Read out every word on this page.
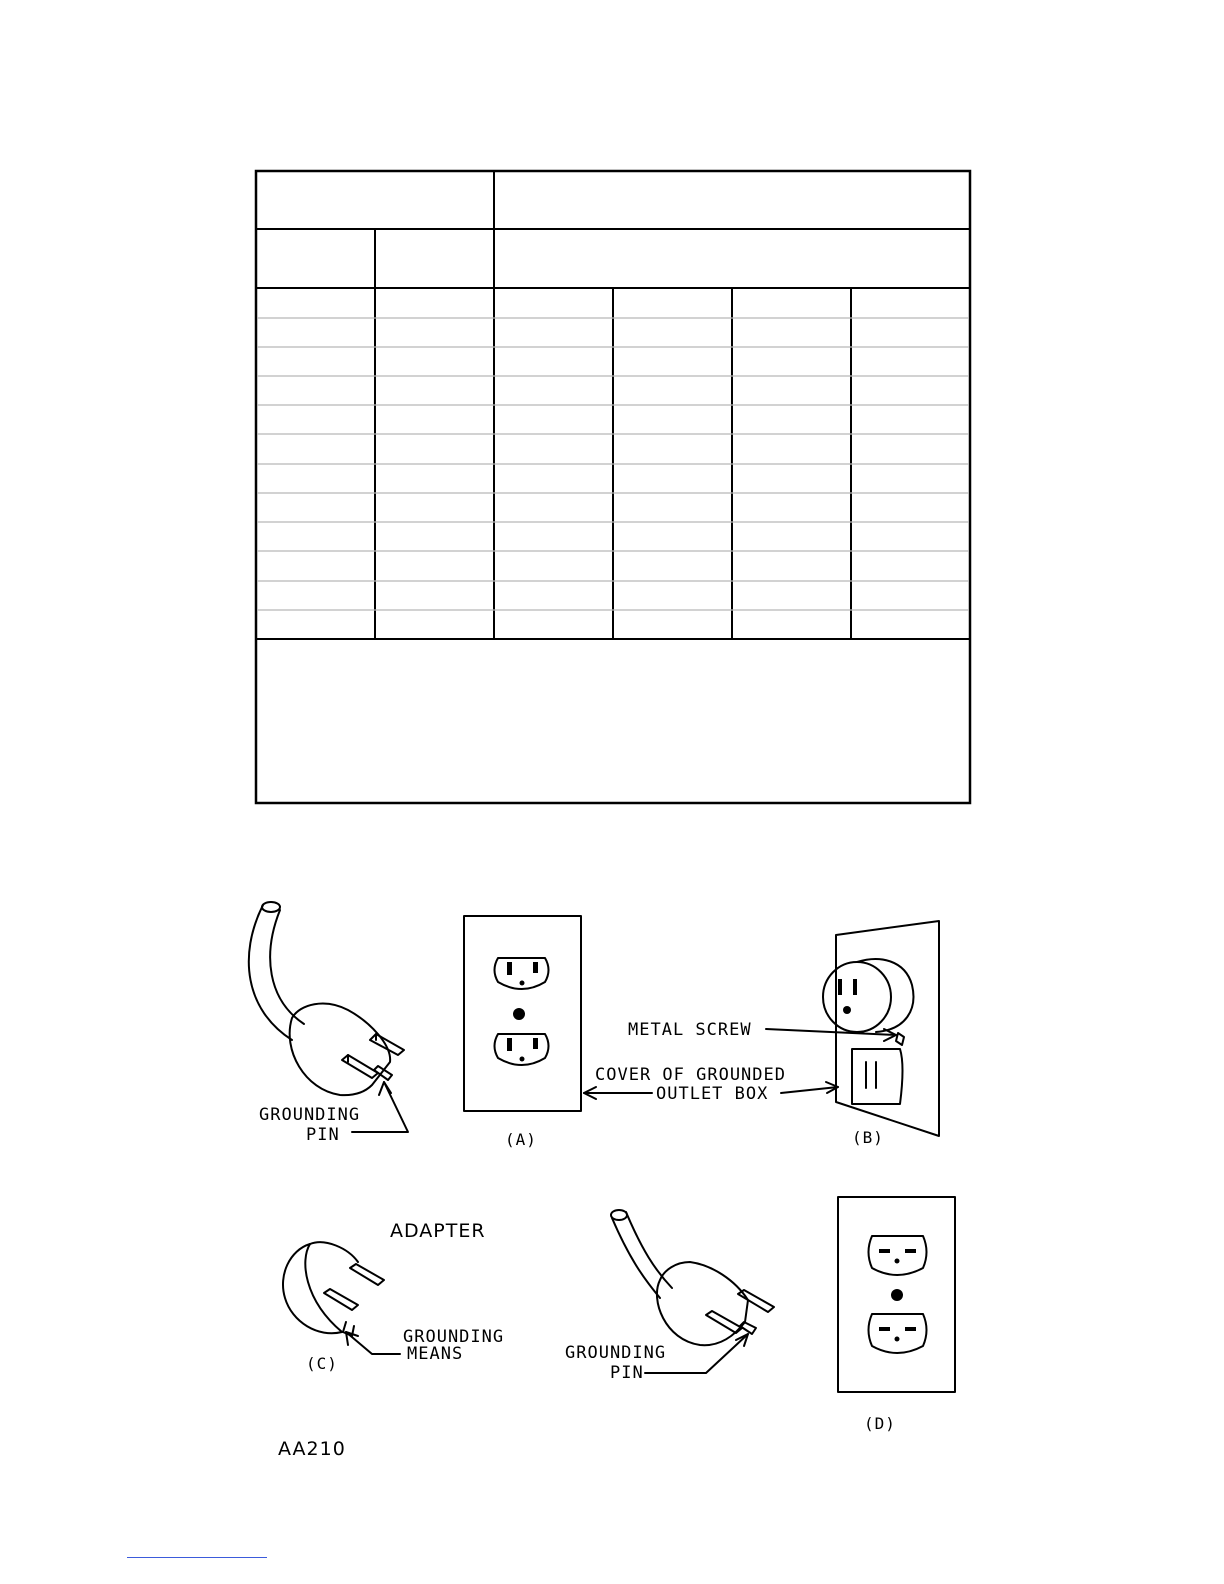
GROUNDING
PIN
METAL SCREW
COVER OF GROUNDED
OUTLET BOX
(A)	(B)
ADAPTER
GROUNDING
MEANS
(C)
GROUNDING
PIN
(D)
AA210
